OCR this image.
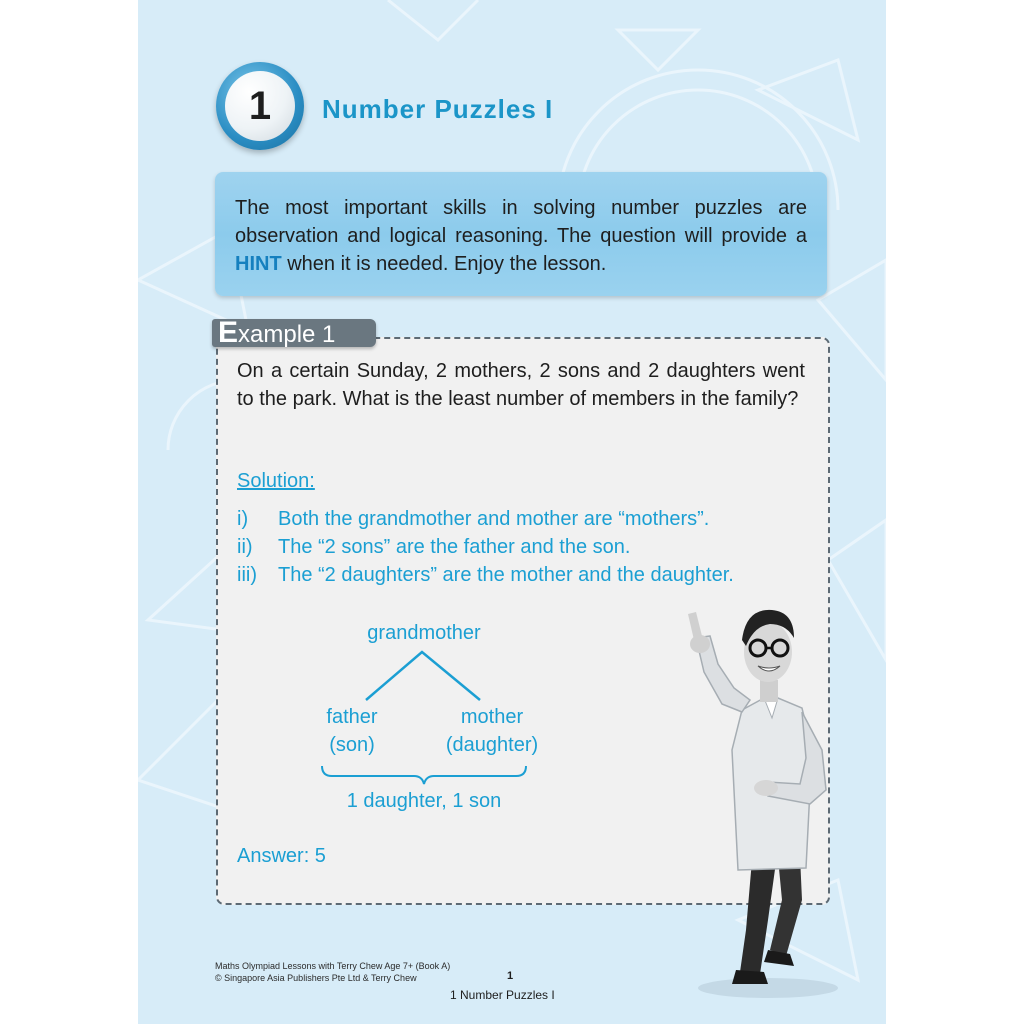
1	Number Puzzles I
The most important skills in solving number puzzles are observation and logical reasoning. The question will provide a HINT when it is needed. Enjoy the lesson.
Example 1
On a certain Sunday, 2 mothers, 2 sons and 2 daughters went to the park. What is the least number of members in the family?
Solution:
i)	Both the grandmother and mother are “mothers”.
ii)	The “2 sons” are the father and the son.
iii)	The “2 daughters” are the mother and the daughter.
grandmother
father
(son)
mother
(daughter)
1 daughter, 1 son
Answer: 5
Maths Olympiad Lessons with Terry Chew Age 7+ (Book A)
© Singapore Asia Publishers Pte Ltd & Terry Chew	1
1 Number Puzzles I
